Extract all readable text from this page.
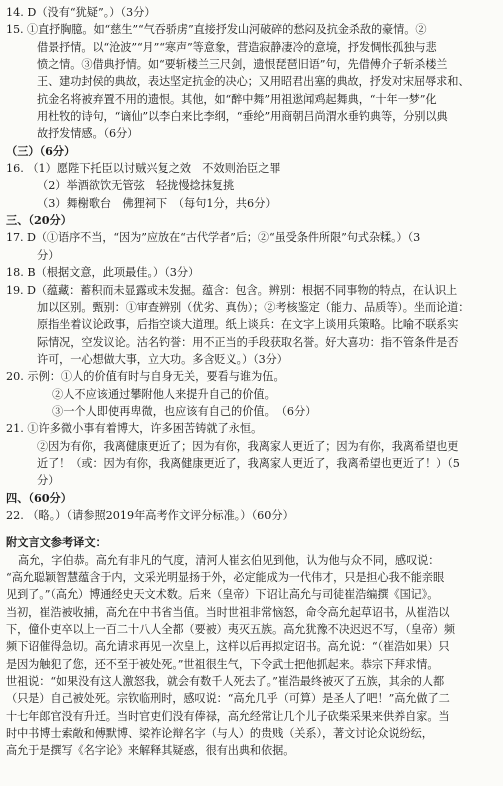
14. D（没有“犹疑”。）（3分）
15. ①直抒胸臆。如“慈生”“气吞骄虏”直接抒发山河破碎的愁闷及抗金杀敌的豪情。②
借景抒情。以“沧波”“月”“寒声”等意象，营造寂静凄冷的意境，抒发惆怅孤独与悲
愤之情。③借典抒情。如“要斩楼兰三尺剑，遗恨琵琶旧语”句，先借傅介子斩杀楼兰
王、建功封侯的典故，表达坚定抗金的决心；又用昭君出塞的典故，抒发对宋屈辱求和、
抗金名将被弃置不用的遗恨。其他，如“醉中舞”用祖逖闻鸡起舞典，“十年一梦”化
用杜牧的诗句，“谪仙”以李白来比李纲，“垂纶”用商朝吕尚渭水垂钓典等，分别以典
故抒发情感。（6分）
（三）（6分）
16. （1）愿陛下托臣以讨贼兴复之效　不效则治臣之罪
（2）举酒欲饮无管弦　轻拢慢捻抹复挑
（3）舞榭歌台　佛狸祠下　（每句1分，共6分）
三、（20分）
17. D（①语序不当，“因为”应放在“古代学者”后；②“虽受条件所限”句式杂糅。）（3
分）
18. B（根据文意，此项最佳。）（3分）
19. D（蕴藏：蓄积而未显露或未发掘。蕴含：包含。辨别：根据不同事物的特点，在认识上
加以区别。甄别：①审查辨别（优劣、真伪）；②考核鉴定（能力、品质等）。坐而论道：
原指坐着议论政事，后指空谈大道理。纸上谈兵：在文字上谈用兵策略。比喻不联系实
际情况，空发议论。沽名钓誉：用不正当的手段获取名誉。好大喜功：指不管条件是否
许可，一心想做大事，立大功。多含贬义。）（3分）
20. 示例：①人的价值有时与自身无关，要看与谁为伍。
②人不应该通过攀附他人来提升自己的价值。
③一个人即使再卑微，也应该有自己的价值。　（6分）
21. ①许多微小事有着博大，许多困苦铸就了永恒。
②因为有你，我离健康更近了；因为有你，我离家人更近了；因为有你，我离希望也更
近了！（或：因为有你，我离健康更近了，我离家人更近了，我离希望也更近了！）（5
分）
四、（60分）
22. （略。）（请参照2019年高考作文评分标准。）（60分）
附文言文参考译文：
高允，字伯恭。高允有非凡的气度，清河人崔玄伯见到他，认为他与众不同，感叹说：
“高允聪颖智慧蕴含于内，文采光明显扬于外，必定能成为一代伟才，只是担心我不能亲眼
见到了。”（高允）博通经史天文术数。后来（皇帝）下诏让高允与司徒崔浩编撰《国记》。
当初，崔浩被收捕，高允在中书省当值。当时世祖非常恼怒，命令高允起草诏书，从崔浩以
下，僮仆吏卒以上一百二十八人全都（要被）夷灭五族。高允犹豫不决迟迟不写，（皇帝）频
频下诏催得急切。高允请求再见一次皇上，这样以后再拟定诏书。高允说：“（崔浩如果）只
是因为触犯了您，还不至于被处死。”世祖很生气，下令武士把他抓起来。恭宗下拜求情。
世祖说：“如果没有这人激怒我，就会有数千人死去了。”崔浩最终被灭了五族，其余的人都
（只是）自己被处死。宗钦临刑时，感叹说：“高允几乎（可算）是圣人了吧！”高允做了二
十七年郎官没有升迁。当时官吏们没有俸禄，高允经常让几个儿子砍柴采果来供养自家。当
时中书博士索敞和傅默博、梁祚论辩名字（与人）的贵贱（关系），著文讨论众说纷纭，
高允于是撰写《名字论》来解释其疑惑，很有出典和依据。
